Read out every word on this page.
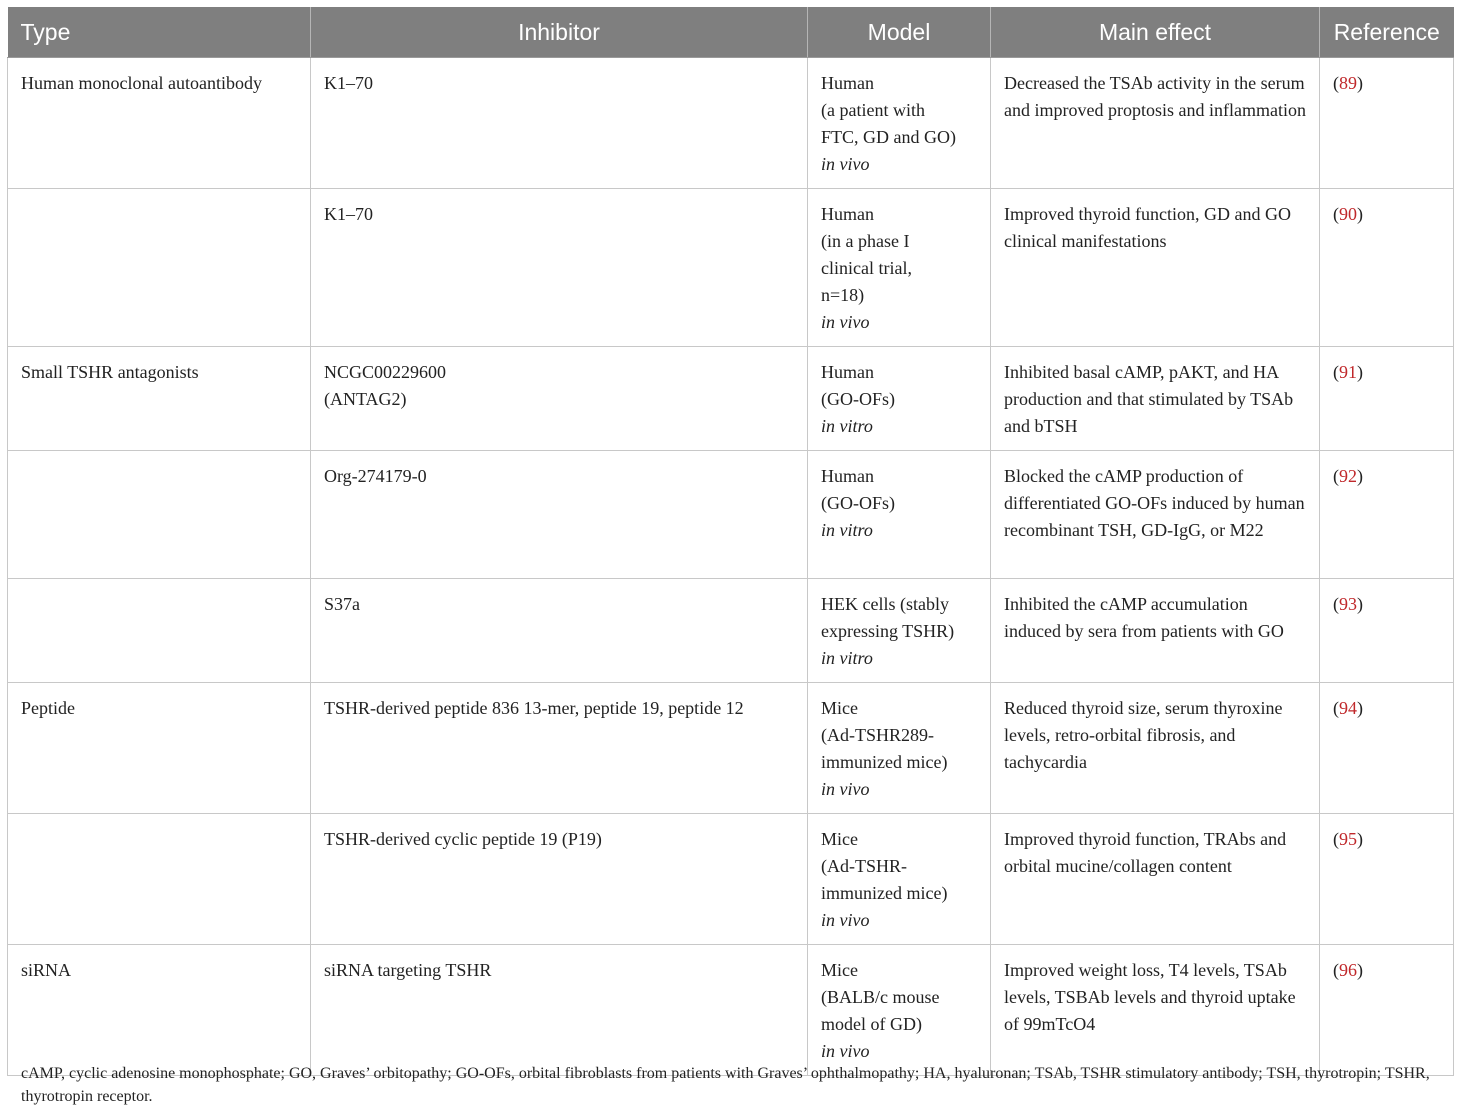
Type	Inhibitor	Model	Main effect	Reference
Human monoclonal autoantibody	K1–70	Human
(a patient with
FTC, GD and GO)
in vivo	Decreased the TSAb activity in the serum and improved proptosis and inflammation	(89)

	K1–70	Human
(in a phase I
clinical trial,
n=18)
in vivo	Improved thyroid function, GD and GO clinical manifestations	(90)
Small TSHR antagonists	NCGC00229600
(ANTAG2)	Human
(GO-OFs)
in vitro	Inhibited basal cAMP, pAKT, and HA production and that stimulated by TSAb and bTSH	(91)

	Org-274179-0	Human
(GO-OFs)
in vitro	Blocked the cAMP production of differentiated GO-OFs induced by human recombinant TSH, GD-IgG, or M22	(92)

	S37a	HEK cells (stably
expressing TSHR)
in vitro	Inhibited the cAMP accumulation induced by sera from patients with GO	(93)
Peptide	TSHR-derived peptide 836 13-mer, peptide 19, peptide 12	Mice
(Ad-TSHR289-
immunized mice)
in vivo	Reduced thyroid size, serum thyroxine levels, retro-orbital fibrosis, and tachycardia	(94)

	TSHR-derived cyclic peptide 19 (P19)	Mice
(Ad-TSHR-
immunized mice)
in vivo	Improved thyroid function, TRAbs and orbital mucine/collagen content	(95)
siRNA	siRNA targeting TSHR	Mice
(BALB/c mouse
model of GD)
in vivo	Improved weight loss, T4 levels, TSAb levels, TSBAb levels and thyroid uptake of 99mTcO4	(96)
cAMP, cyclic adenosine monophosphate; GO, Graves’ orbitopathy; GO-OFs, orbital fibroblasts from patients with Graves’ ophthalmopathy; HA, hyaluronan; TSAb, TSHR stimulatory antibody; TSH, thyrotropin; TSHR, thyrotropin receptor.
